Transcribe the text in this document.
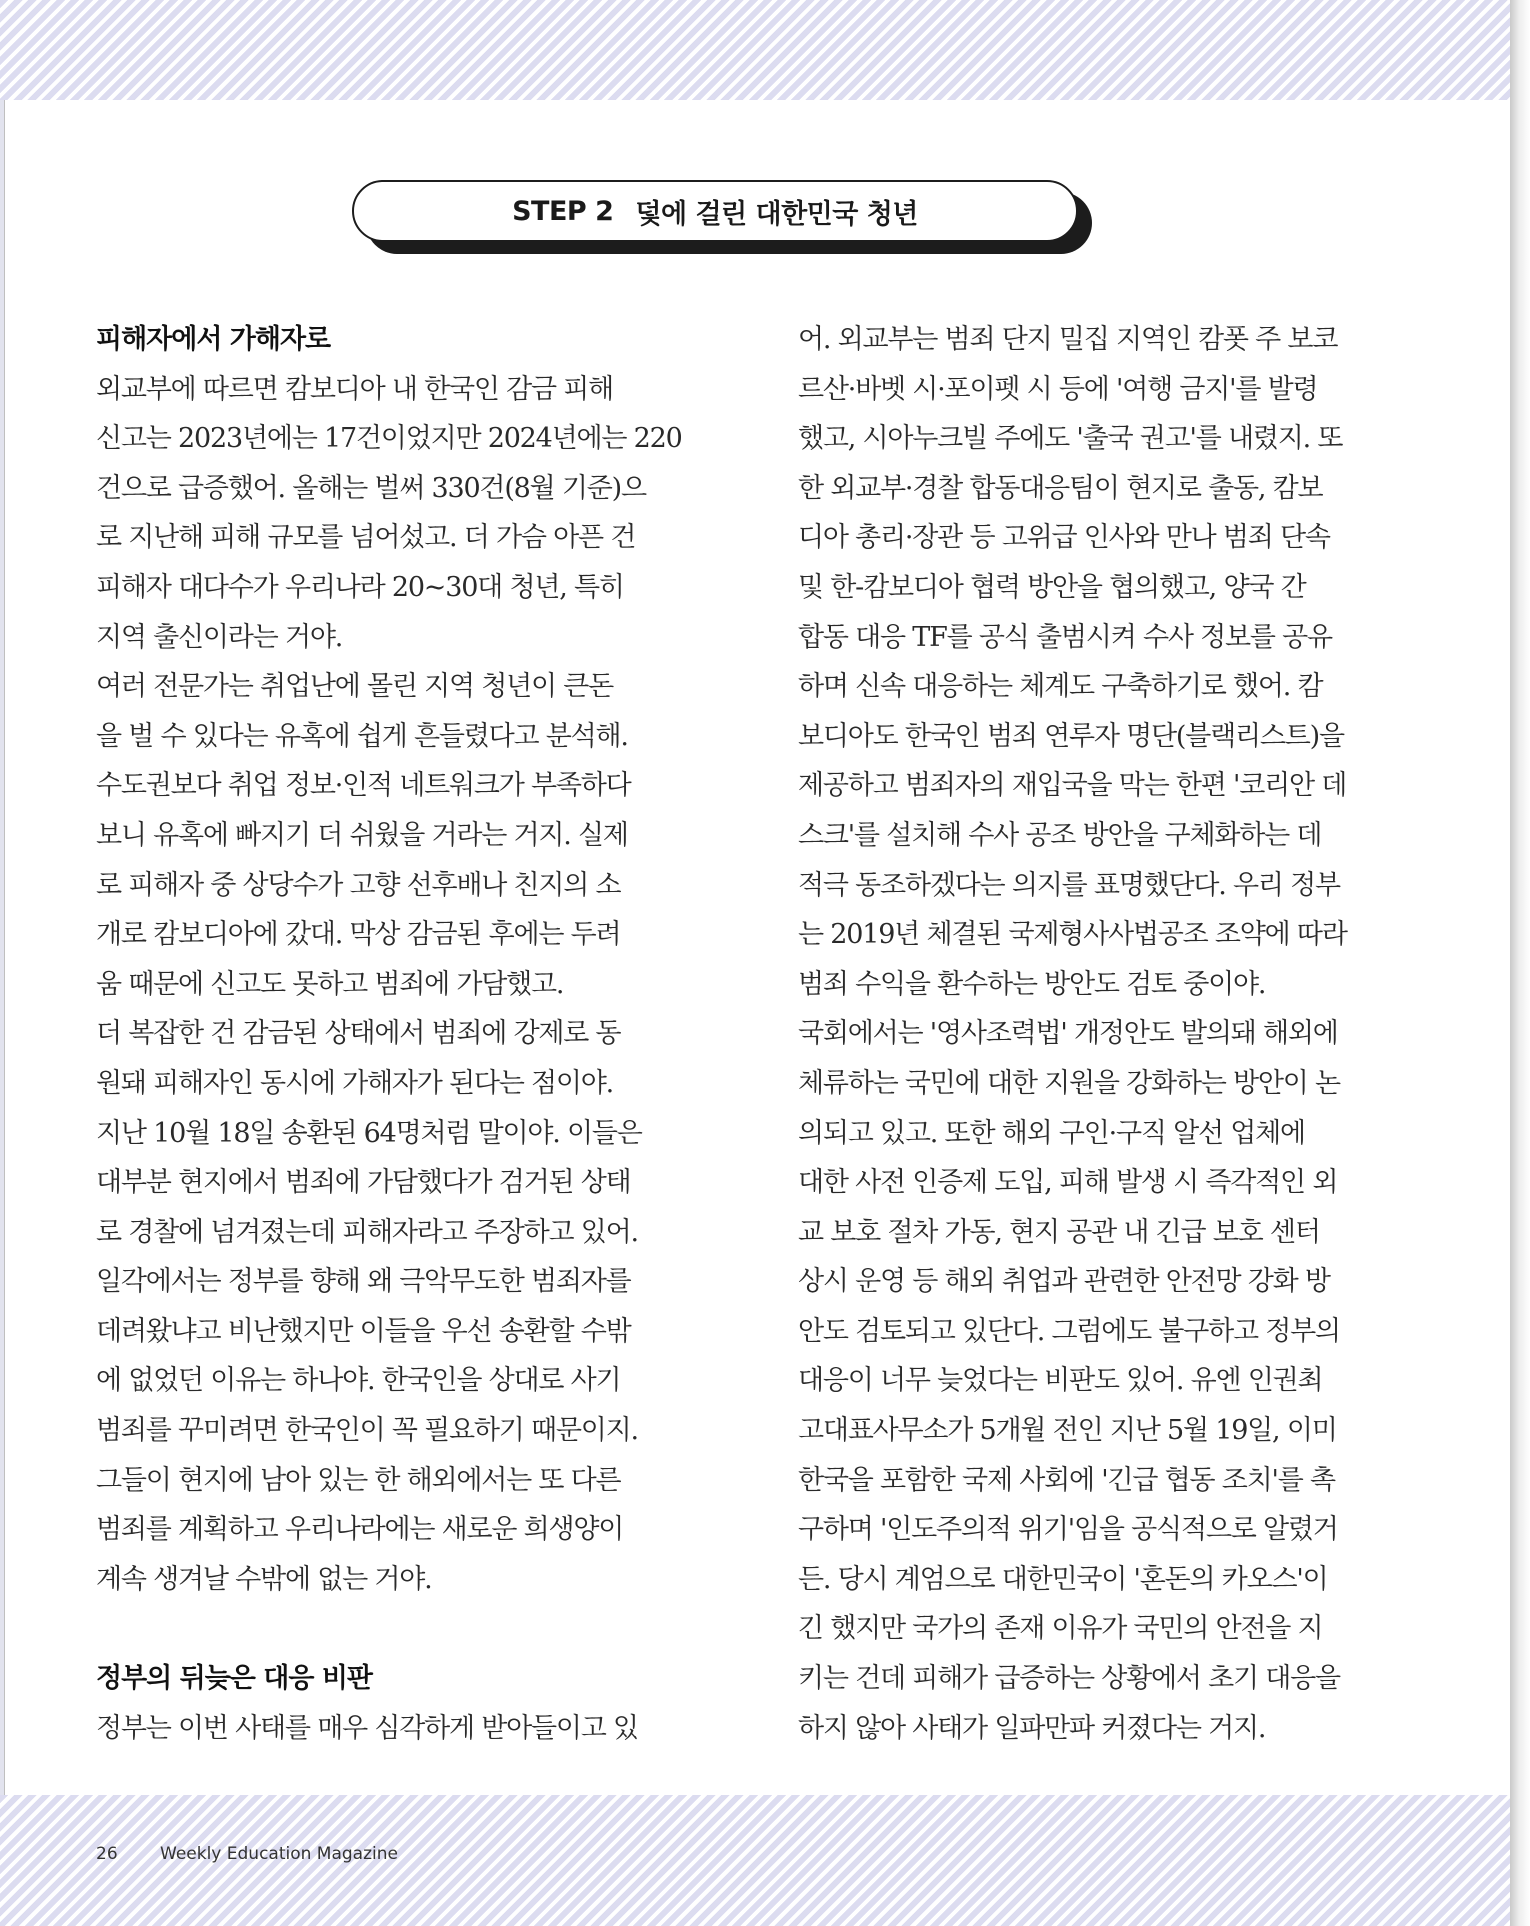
STEP 2 덫에 걸린 대한민국 청년
피해자에서 가해자로
외교부에 따르면 캄보디아 내 한국인 감금 피해
신고는 2023년에는 17건이었지만 2024년에는 220
건으로 급증했어. 올해는 벌써 330건(8월 기준)으
로 지난해 피해 규모를 넘어섰고. 더 가슴 아픈 건
피해자 대다수가 우리나라 20~30대 청년, 특히
지역 출신이라는 거야.
여러 전문가는 취업난에 몰린 지역 청년이 큰돈
을 벌 수 있다는 유혹에 쉽게 흔들렸다고 분석해.
수도권보다 취업 정보·인적 네트워크가 부족하다
보니 유혹에 빠지기 더 쉬웠을 거라는 거지. 실제
로 피해자 중 상당수가 고향 선후배나 친지의 소
개로 캄보디아에 갔대. 막상 감금된 후에는 두려
움 때문에 신고도 못하고 범죄에 가담했고.
더 복잡한 건 감금된 상태에서 범죄에 강제로 동
원돼 피해자인 동시에 가해자가 된다는 점이야.
지난 10월 18일 송환된 64명처럼 말이야. 이들은
대부분 현지에서 범죄에 가담했다가 검거된 상태
로 경찰에 넘겨졌는데 피해자라고 주장하고 있어.
일각에서는 정부를 향해 왜 극악무도한 범죄자를
데려왔냐고 비난했지만 이들을 우선 송환할 수밖
에 없었던 이유는 하나야. 한국인을 상대로 사기
범죄를 꾸미려면 한국인이 꼭 필요하기 때문이지.
그들이 현지에 남아 있는 한 해외에서는 또 다른
범죄를 계획하고 우리나라에는 새로운 희생양이
계속 생겨날 수밖에 없는 거야.
정부의 뒤늦은 대응 비판
정부는 이번 사태를 매우 심각하게 받아들이고 있
어. 외교부는 범죄 단지 밀집 지역인 캄폿 주 보코
르산·바벳 시·포이펫 시 등에 '여행 금지'를 발령
했고, 시아누크빌 주에도 '출국 권고'를 내렸지. 또
한 외교부·경찰 합동대응팀이 현지로 출동, 캄보
디아 총리·장관 등 고위급 인사와 만나 범죄 단속
및 한-캄보디아 협력 방안을 협의했고, 양국 간
합동 대응 TF를 공식 출범시켜 수사 정보를 공유
하며 신속 대응하는 체계도 구축하기로 했어. 캄
보디아도 한국인 범죄 연루자 명단(블랙리스트)을
제공하고 범죄자의 재입국을 막는 한편 '코리안 데
스크'를 설치해 수사 공조 방안을 구체화하는 데
적극 동조하겠다는 의지를 표명했단다. 우리 정부
는 2019년 체결된 국제형사사법공조 조약에 따라
범죄 수익을 환수하는 방안도 검토 중이야.
국회에서는 '영사조력법' 개정안도 발의돼 해외에
체류하는 국민에 대한 지원을 강화하는 방안이 논
의되고 있고. 또한 해외 구인·구직 알선 업체에
대한 사전 인증제 도입, 피해 발생 시 즉각적인 외
교 보호 절차 가동, 현지 공관 내 긴급 보호 센터
상시 운영 등 해외 취업과 관련한 안전망 강화 방
안도 검토되고 있단다. 그럼에도 불구하고 정부의
대응이 너무 늦었다는 비판도 있어. 유엔 인권최
고대표사무소가 5개월 전인 지난 5월 19일, 이미
한국을 포함한 국제 사회에 '긴급 협동 조치'를 촉
구하며 '인도주의적 위기'임을 공식적으로 알렸거
든. 당시 계엄으로 대한민국이 '혼돈의 카오스'이
긴 했지만 국가의 존재 이유가 국민의 안전을 지
키는 건데 피해가 급증하는 상황에서 초기 대응을
하지 않아 사태가 일파만파 커졌다는 거지.
26 Weekly Education Magazine
